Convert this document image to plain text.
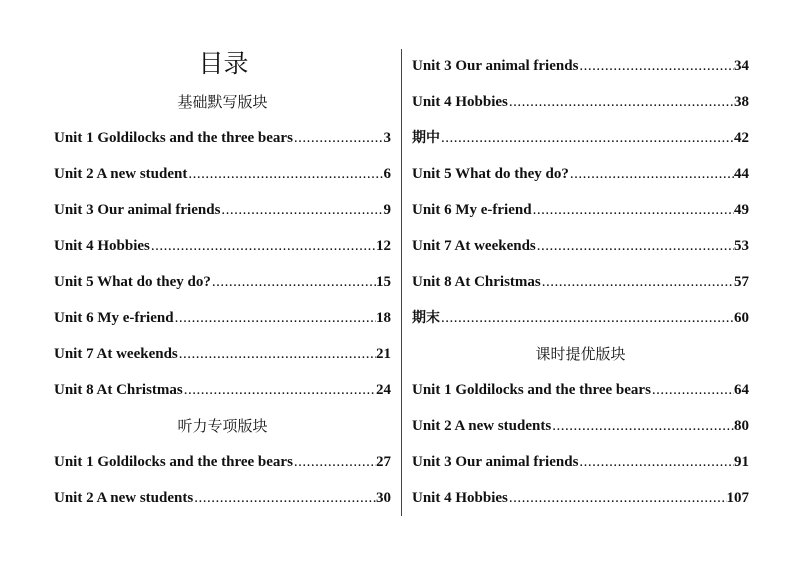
目录
基础默写版块
Unit 1 Goldilocks and the three bears .....	3
Unit 2 A new student .....	6
Unit 3 Our animal friends .....	9
Unit 4 Hobbies .....	12
Unit 5 What do they do? .....	15
Unit 6 My e-friend .....	18
Unit 7 At weekends .....	21
Unit 8 At Christmas .....	24
听力专项版块
Unit 1 Goldilocks and the three bears .....	27
Unit 2 A new students .....	30
Unit 3 Our animal friends .....	34
Unit 4 Hobbies .....	38
期中 .....	42
Unit 5 What do they do? .....	44
Unit 6 My e-friend .....	49
Unit 7 At weekends .....	53
Unit 8 At Christmas .....	57
期末 .....	60
课时提优版块
Unit 1 Goldilocks and the three bears .....	64
Unit 2 A new students .....	80
Unit 3 Our animal friends .....	91
Unit 4 Hobbies .....	107
